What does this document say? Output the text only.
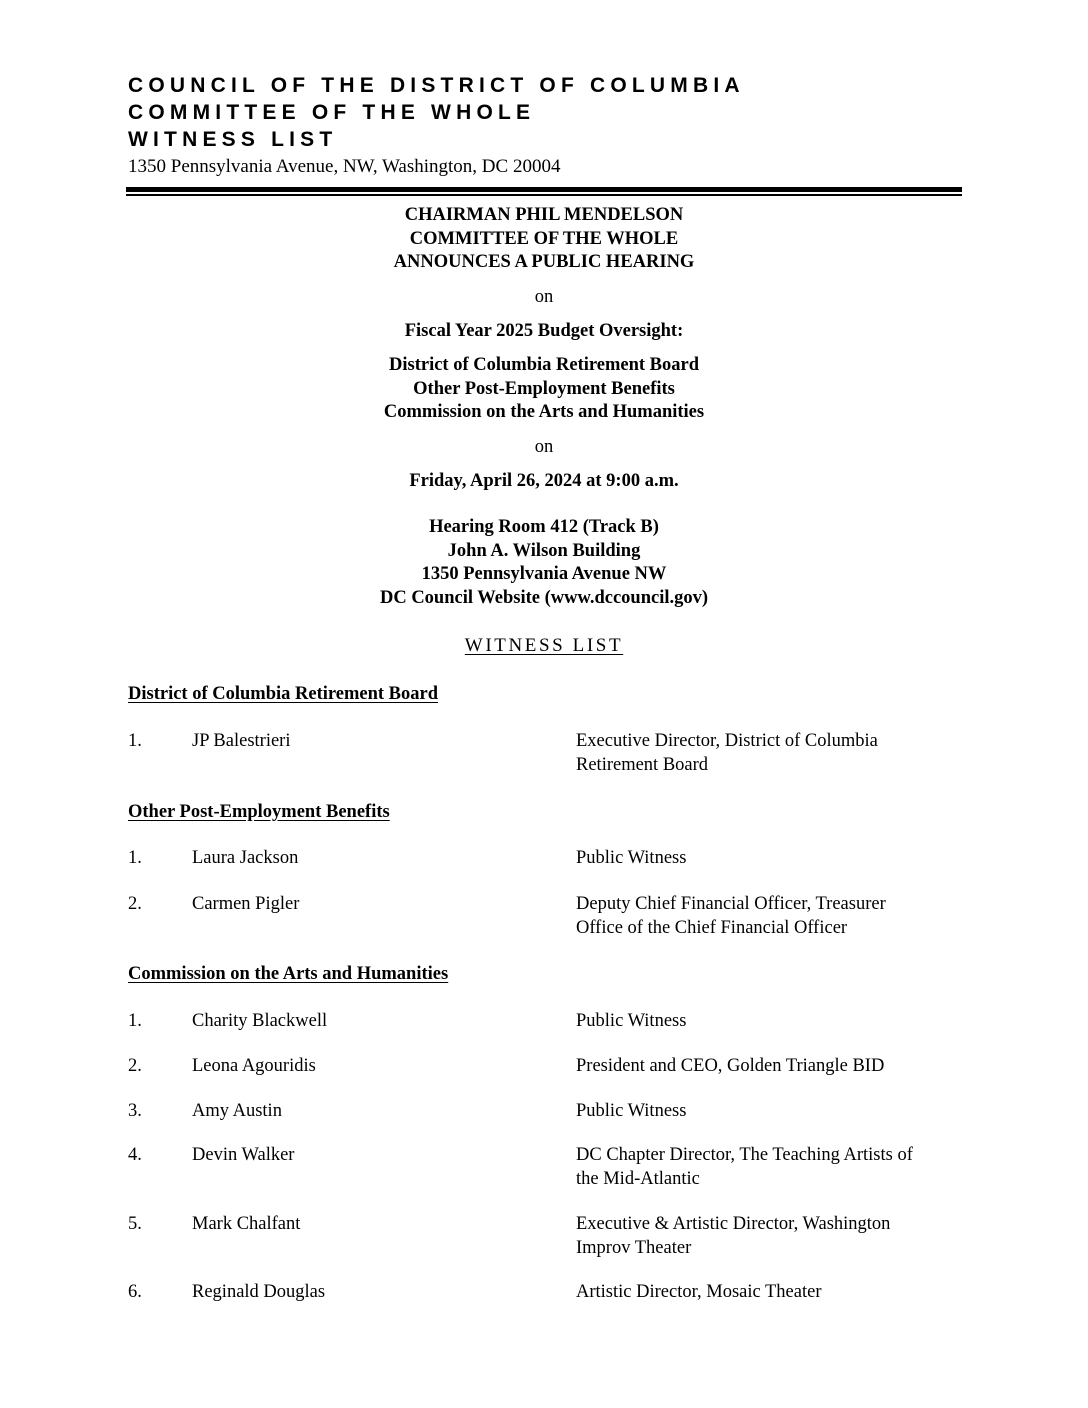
COUNCIL OF THE DISTRICT OF COLUMBIA
COMMITTEE OF THE WHOLE
WITNESS LIST
1350 Pennsylvania Avenue, NW, Washington, DC 20004
CHAIRMAN PHIL MENDELSON
COMMITTEE OF THE WHOLE
ANNOUNCES A PUBLIC HEARING
on
Fiscal Year 2025 Budget Oversight:
District of Columbia Retirement Board
Other Post-Employment Benefits
Commission on the Arts and Humanities
on
Friday, April 26, 2024 at 9:00 a.m.
Hearing Room 412 (Track B)
John A. Wilson Building
1350 Pennsylvania Avenue NW
DC Council Website (www.dccouncil.gov)
WITNESS LIST
District of Columbia Retirement Board
1.	JP Balestrieri	Executive Director, District of Columbia
Retirement Board
Other Post-Employment Benefits
1.	Laura Jackson	Public Witness
2.	Carmen Pigler	Deputy Chief Financial Officer, Treasurer
Office of the Chief Financial Officer
Commission on the Arts and Humanities
1.	Charity Blackwell	Public Witness
2.	Leona Agouridis	President and CEO, Golden Triangle BID
3.	Amy Austin	Public Witness
4.	Devin Walker	DC Chapter Director, The Teaching Artists of
the Mid-Atlantic
5.	Mark Chalfant	Executive & Artistic Director, Washington
Improv Theater
6.	Reginald Douglas	Artistic Director, Mosaic Theater
